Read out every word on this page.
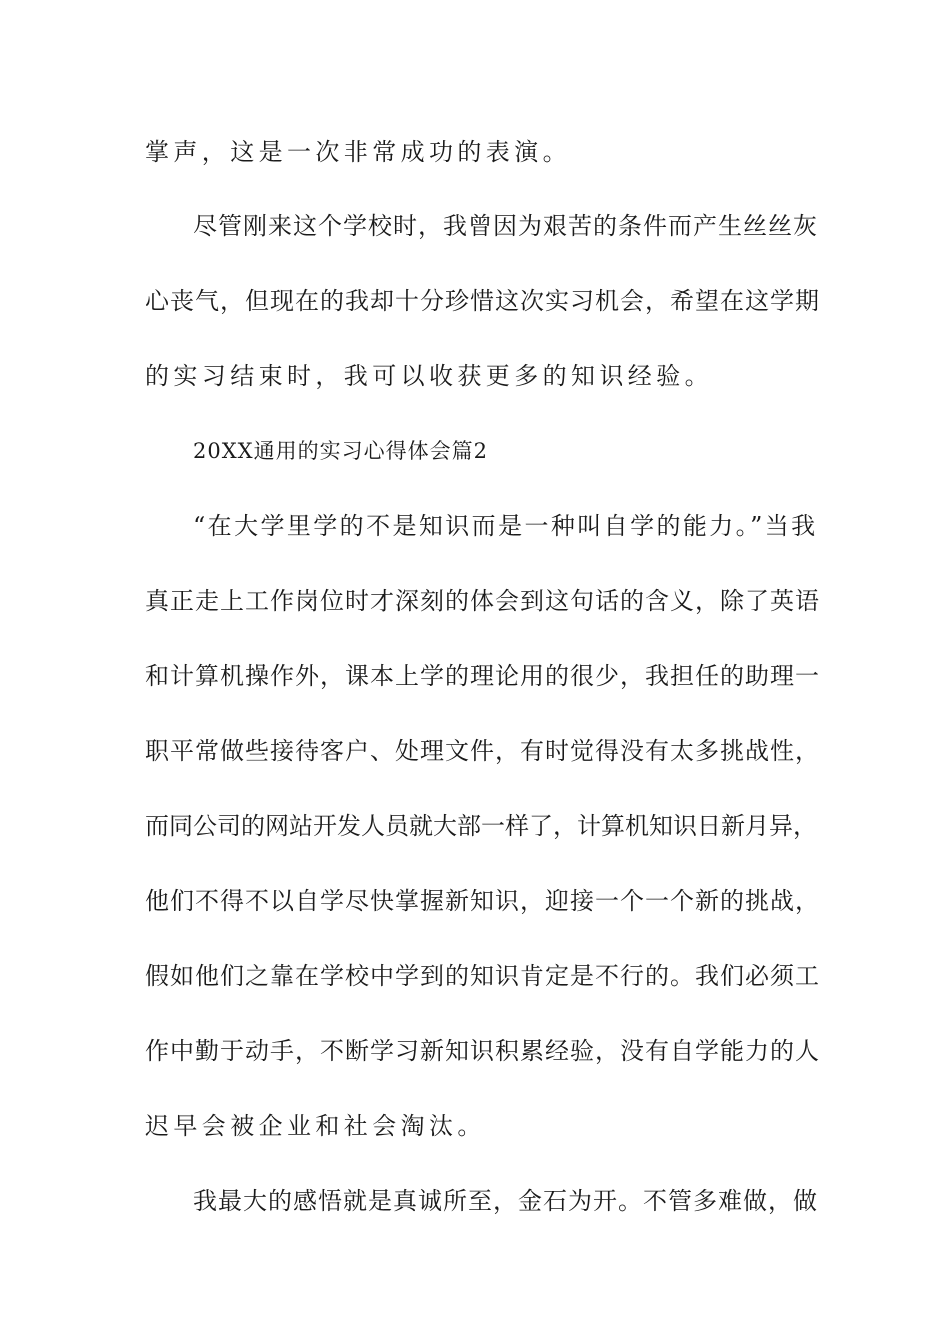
掌声，这是一次非常成功的表演。
尽管刚来这个学校时，我曾因为艰苦的条件而产生丝丝灰
心丧气，但现在的我却十分珍惜这次实习机会，希望在这学期
的实习结束时，我可以收获更多的知识经验。
20XX通用的实习心得体会篇2
“在大学里学的不是知识而是一种叫自学的能力。”当我
真正走上工作岗位时才深刻的体会到这句话的含义，除了英语
和计算机操作外，课本上学的理论用的很少，我担任的助理一
职平常做些接待客户、处理文件，有时觉得没有太多挑战性，
而同公司的网站开发人员就大部一样了，计算机知识日新月异，
他们不得不以自学尽快掌握新知识，迎接一个一个新的挑战，
假如他们之靠在学校中学到的知识肯定是不行的。我们必须工
作中勤于动手，不断学习新知识积累经验，没有自学能力的人
迟早会被企业和社会淘汰。
我最大的感悟就是真诚所至，金石为开。不管多难做，做
